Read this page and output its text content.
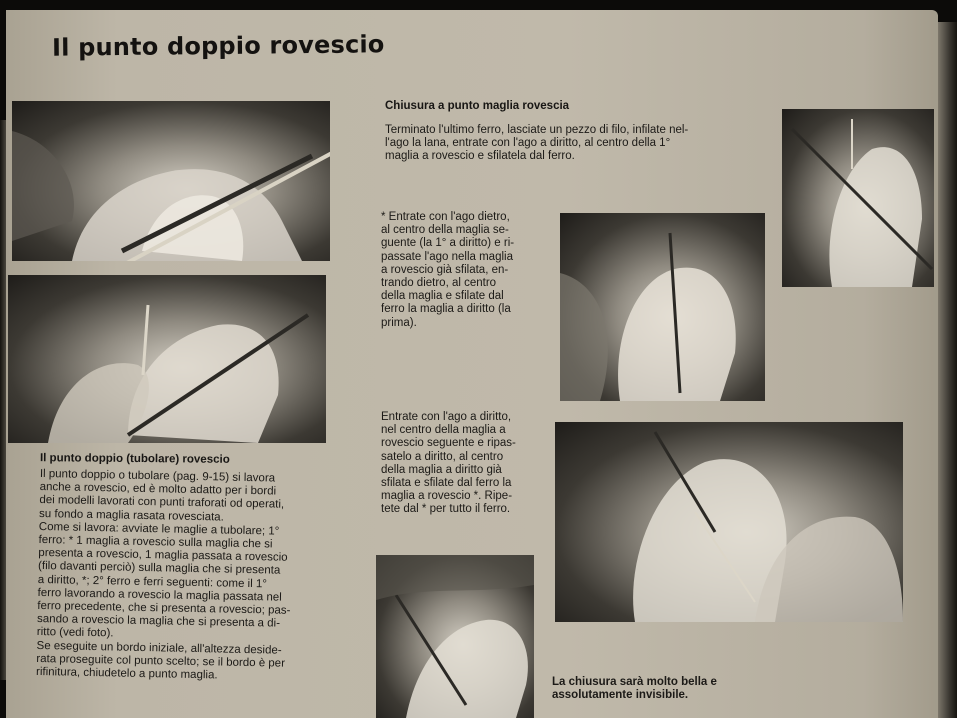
Il punto doppio rovescio
Il punto doppio (tubolare) rovescio

Il punto doppio o tubolare (pag. 9-15) si lavora
anche a rovescio, ed è molto adatto per i bordi
dei modelli lavorati con punti traforati od operati,
su fondo a maglia rasata rovesciata.
Come si lavora: avviate le maglie a tubolare; 1°
ferro: * 1 maglia a rovescio sulla maglia che si
presenta a rovescio, 1 maglia passata a rovescio
(filo davanti perciò) sulla maglia che si presenta
a diritto, *; 2° ferro e ferri seguenti: come il 1°
ferro lavorando a rovescio la maglia passata nel
ferro precedente, che si presenta a rovescio; pas-
sando a rovescio la maglia che si presenta a di-
ritto (vedi foto).
Se eseguite un bordo iniziale, all'altezza deside-
rata proseguite col punto scelto; se il bordo è per
rifinitura, chiudetelo a punto maglia.

Chiusura a punto maglia rovescia

Terminato l'ultimo ferro, lasciate un pezzo di filo, infilate nel-
l'ago la lana, entrate con l'ago a diritto, al centro della 1°
maglia a rovescio e sfilatela dal ferro.

* Entrate con l'ago dietro,
al centro della maglia se-
guente (la 1° a diritto) e ri-
passate l'ago nella maglia
a rovescio già sfilata, en-
trando dietro, al centro
della maglia e sfilate dal
ferro la maglia a diritto (la
prima).

Entrate con l'ago a diritto,
nel centro della maglia a
rovescio seguente e ripas-
satelo a diritto, al centro
della maglia a diritto già
sfilata e sfilate dal ferro la
maglia a rovescio *. Ripe-
tete dal * per tutto il ferro.

La chiusura sarà molto bella e
assolutamente invisibile.
